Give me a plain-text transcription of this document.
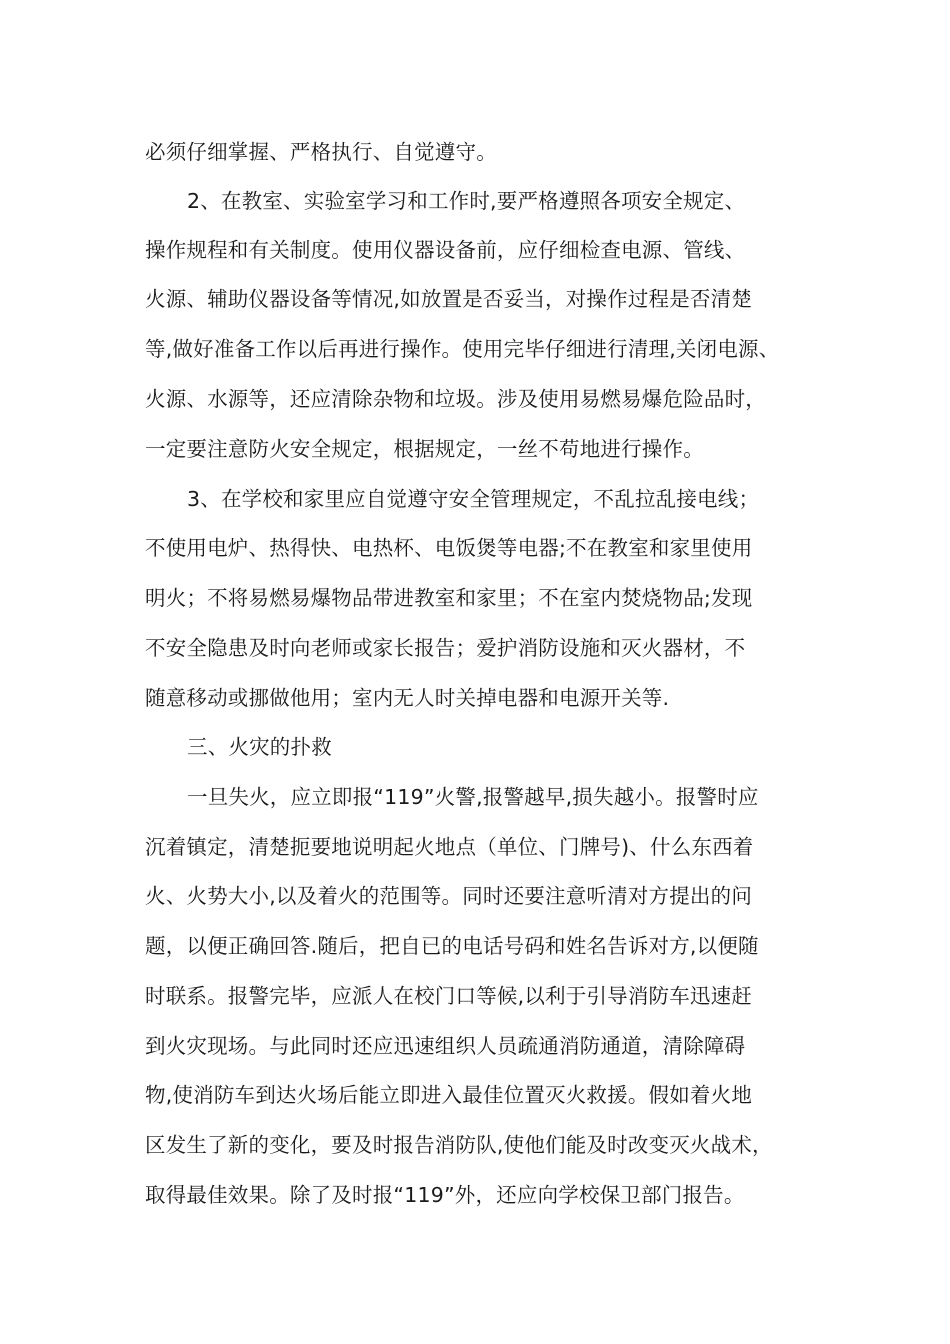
必须仔细掌握、严格执行、自觉遵守。
2、在教室、实验室学习和工作时,要严格遵照各项安全规定、
操作规程和有关制度。使用仪器设备前，应仔细检查电源、管线、
火源、辅助仪器设备等情况,如放置是否妥当，对操作过程是否清楚
等,做好准备工作以后再进行操作。使用完毕仔细进行清理,关闭电源、
火源、水源等，还应清除杂物和垃圾。涉及使用易燃易爆危险品时，
一定要注意防火安全规定，根据规定，一丝不苟地进行操作。
3、在学校和家里应自觉遵守安全管理规定，不乱拉乱接电线；
不使用电炉、热得快、电热杯、电饭煲等电器;不在教室和家里使用
明火；不将易燃易爆物品带进教室和家里；不在室内焚烧物品;发现
不安全隐患及时向老师或家长报告；爱护消防设施和灭火器材，不
随意移动或挪做他用；室内无人时关掉电器和电源开关等.
三、火灾的扑救
一旦失火，应立即报“119”火警,报警越早,损失越小。报警时应
沉着镇定，清楚扼要地说明起火地点（单位、门牌号)、什么东西着
火、火势大小,以及着火的范围等。同时还要注意听清对方提出的问
题，以便正确回答.随后，把自已的电话号码和姓名告诉对方,以便随
时联系。报警完毕，应派人在校门口等候,以利于引导消防车迅速赶
到火灾现场。与此同时还应迅速组织人员疏通消防通道，清除障碍
物,使消防车到达火场后能立即进入最佳位置灭火救援。假如着火地
区发生了新的变化，要及时报告消防队,使他们能及时改变灭火战术，
取得最佳效果。除了及时报“119”外，还应向学校保卫部门报告。
